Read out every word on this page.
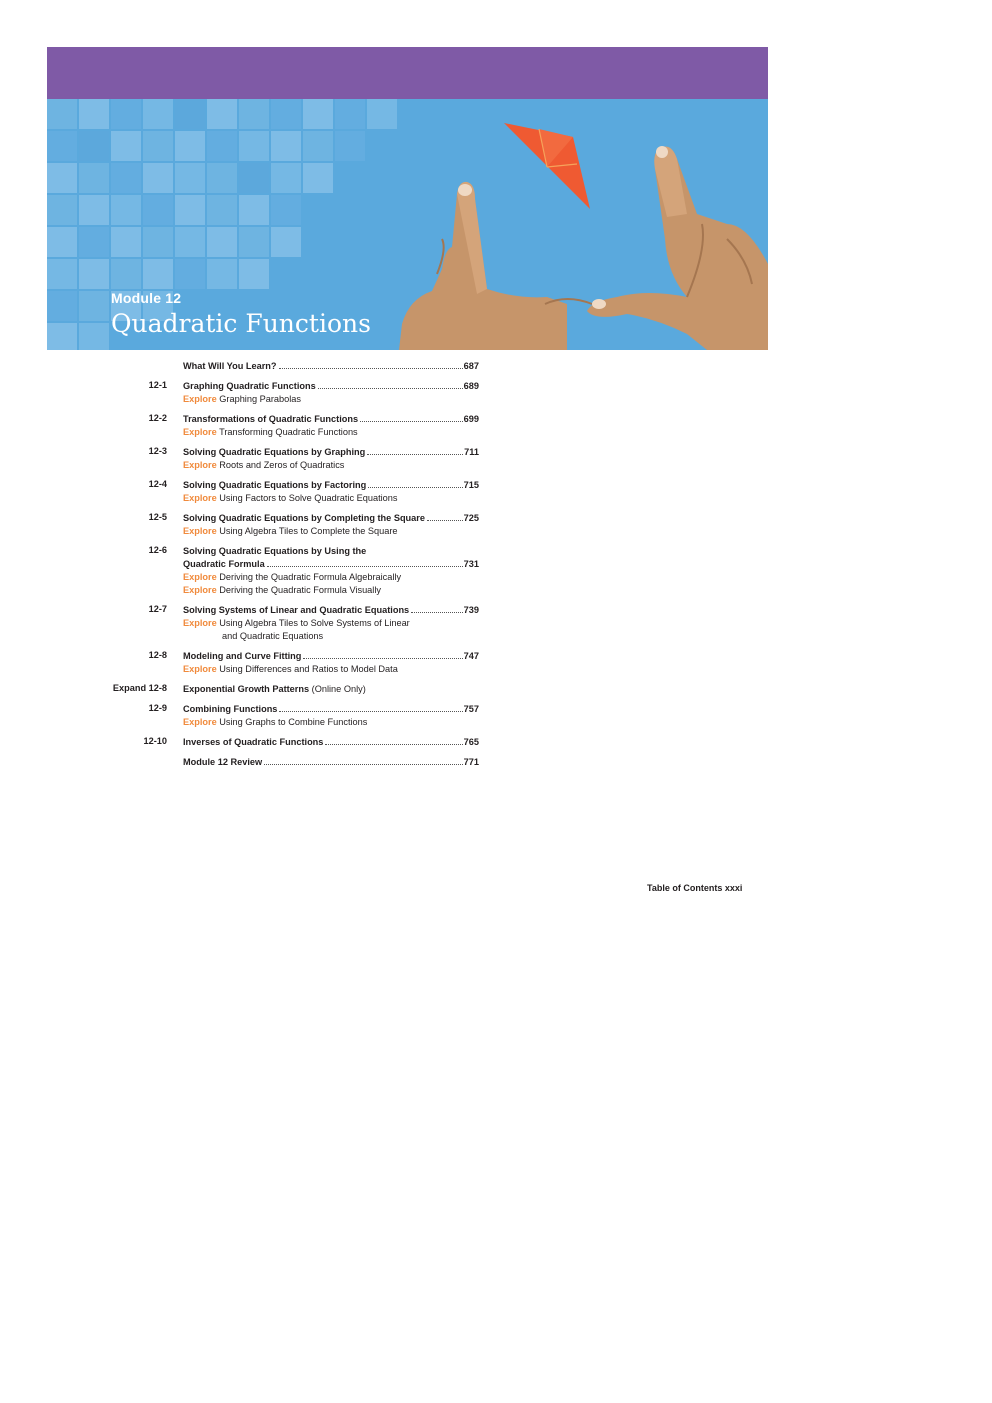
Module 12
Quadratic Functions
What Will You Learn?	687
12-1 Graphing Quadratic Functions	689
Explore Graphing Parabolas
12-2 Transformations of Quadratic Functions	699
Explore Transforming Quadratic Functions
12-3 Solving Quadratic Equations by Graphing	711
Explore Roots and Zeros of Quadratics
12-4 Solving Quadratic Equations by Factoring	715
Explore Using Factors to Solve Quadratic Equations
12-5 Solving Quadratic Equations by Completing the Square	725
Explore Using Algebra Tiles to Complete the Square
12-6 Solving Quadratic Equations by Using the
Quadratic Formula	731
Explore Deriving the Quadratic Formula Algebraically
Explore Deriving the Quadratic Formula Visually
12-7 Solving Systems of Linear and Quadratic Equations	739
Explore Using Algebra Tiles to Solve Systems of Linear
and Quadratic Equations
12-8 Modeling and Curve Fitting	747
Explore Using Differences and Ratios to Model Data
Expand 12-8 Exponential Growth Patterns (Online Only)
12-9 Combining Functions	757
Explore Using Graphs to Combine Functions
12-10 Inverses of Quadratic Functions	765
Module 12 Review	771
Table of Contents xxxi
